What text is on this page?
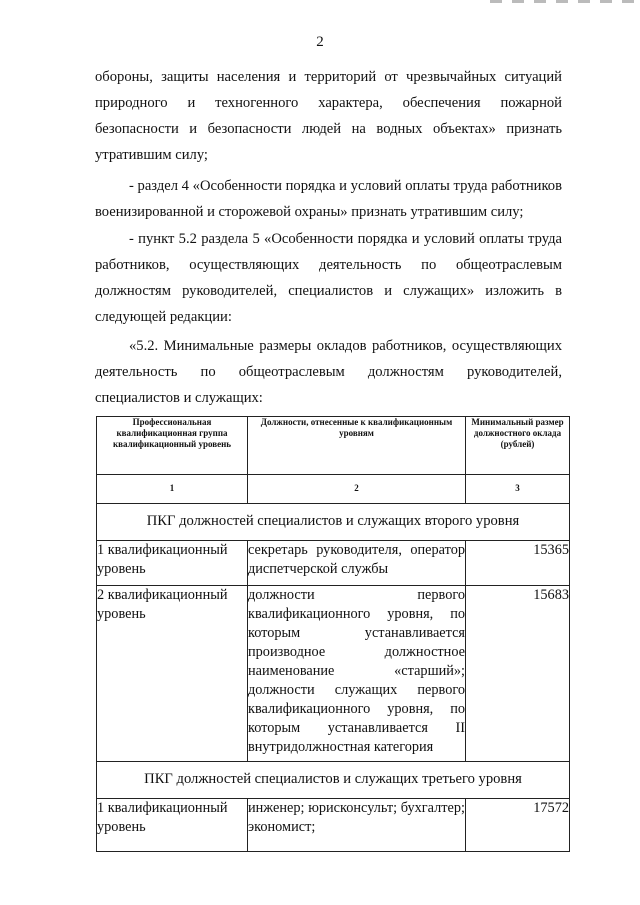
2
обороны, защиты населения и территорий от чрезвычайных ситуаций природного и техногенного характера, обеспечения пожарной безопасности и безопасности людей на водных объектах» признать утратившим силу;
- раздел 4 «Особенности порядка и условий оплаты труда работников военизированной и сторожевой охраны» признать утратившим силу;
- пункт 5.2 раздела 5 «Особенности порядка и условий оплаты труда работников, осуществляющих деятельность по общеотраслевым должностям руководителей, специалистов и служащих» изложить в следующей редакции:
«5.2. Минимальные размеры окладов работников, осуществляющих деятельность по общеотраслевым должностям руководителей, специалистов и служащих:
Профессиональная квалификационная группа квалификационный уровень	Должности, отнесенные к квалификационным уровням	Минимальный размер должностного оклада (рублей)
1	2	3
ПКГ должностей специалистов и служащих второго уровня		
1 квалификационный уровень	секретарь руководителя, оператор диспетчерской службы	15365
2 квалификационный уровень	должности первого квалификационного уровня, по которым устанавливается производное должностное наименование «старший»; должности служащих первого квалификационного уровня, по которым устанавливается II внутридолжностная категория	15683
ПКГ должностей специалистов и служащих третьего уровня		
1 квалификационный уровень	инженер; юрисконсульт; бухгалтер; экономист;	17572
